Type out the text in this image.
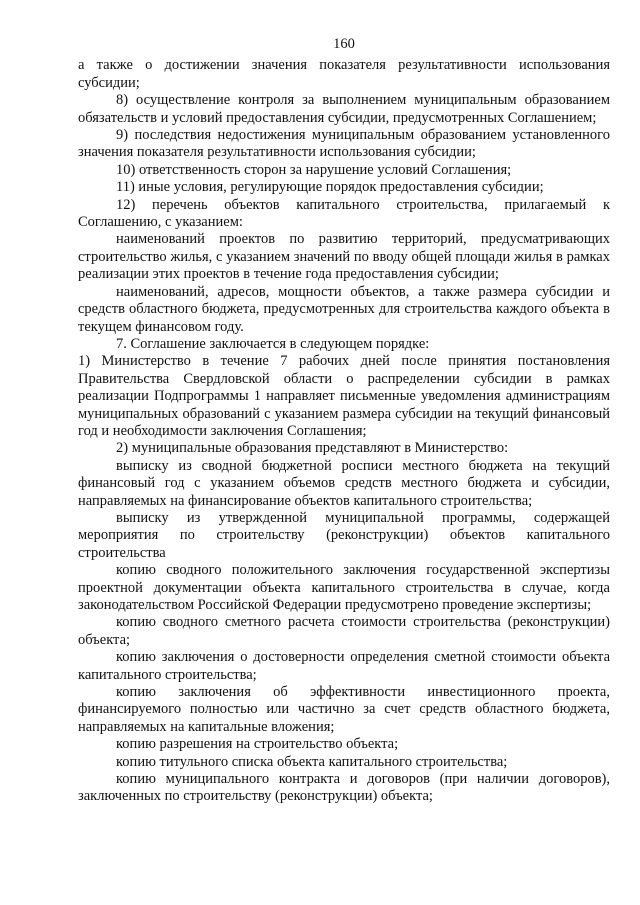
160

а также о достижении значения показателя результативности использования субсидии;

8) осуществление контроля за выполнением муниципальным образованием обязательств и условий предоставления субсидии, предусмотренных Соглашением;

9) последствия недостижения муниципальным образованием установленного значения показателя результативности использования субсидии;

10) ответственность сторон за нарушение условий Соглашения;

11) иные условия, регулирующие порядок предоставления субсидии;

12) перечень объектов капитального строительства, прилагаемый к Соглашению, с указанием:

наименований проектов по развитию территорий, предусматривающих строительство жилья, с указанием значений по вводу общей площади жилья в рамках реализации этих проектов в течение года предоставления субсидии;

наименований, адресов, мощности объектов, а также размера субсидии и средств областного бюджета, предусмотренных для строительства каждого объекта в текущем финансовом году.

7. Соглашение заключается в следующем порядке:

1) Министерство в течение 7 рабочих дней после принятия постановления Правительства Свердловской области о распределении субсидии в рамках реализации Подпрограммы 1 направляет письменные уведомления администрациям муниципальных образований с указанием размера субсидии на текущий финансовый год и необходимости заключения Соглашения;

2) муниципальные образования представляют в Министерство:

выписку из сводной бюджетной росписи местного бюджета на текущий финансовый год с указанием объемов средств местного бюджета и субсидии, направляемых на финансирование объектов капитального строительства;

выписку из утвержденной муниципальной программы, содержащей мероприятия по строительству (реконструкции) объектов капитального строительства

копию сводного положительного заключения государственной экспертизы проектной документации объекта капитального строительства в случае, когда законодательством Российской Федерации предусмотрено проведение экспертизы;

копию сводного сметного расчета стоимости строительства (реконструкции) объекта;

копию заключения о достоверности определения сметной стоимости объекта капитального строительства;

копию заключения об эффективности инвестиционного проекта, финансируемого полностью или частично за счет средств областного бюджета, направляемых на капитальные вложения;

копию разрешения на строительство объекта;

копию титульного списка объекта капитального строительства;

копию муниципального контракта и договоров (при наличии договоров), заключенных по строительству (реконструкции) объекта;
